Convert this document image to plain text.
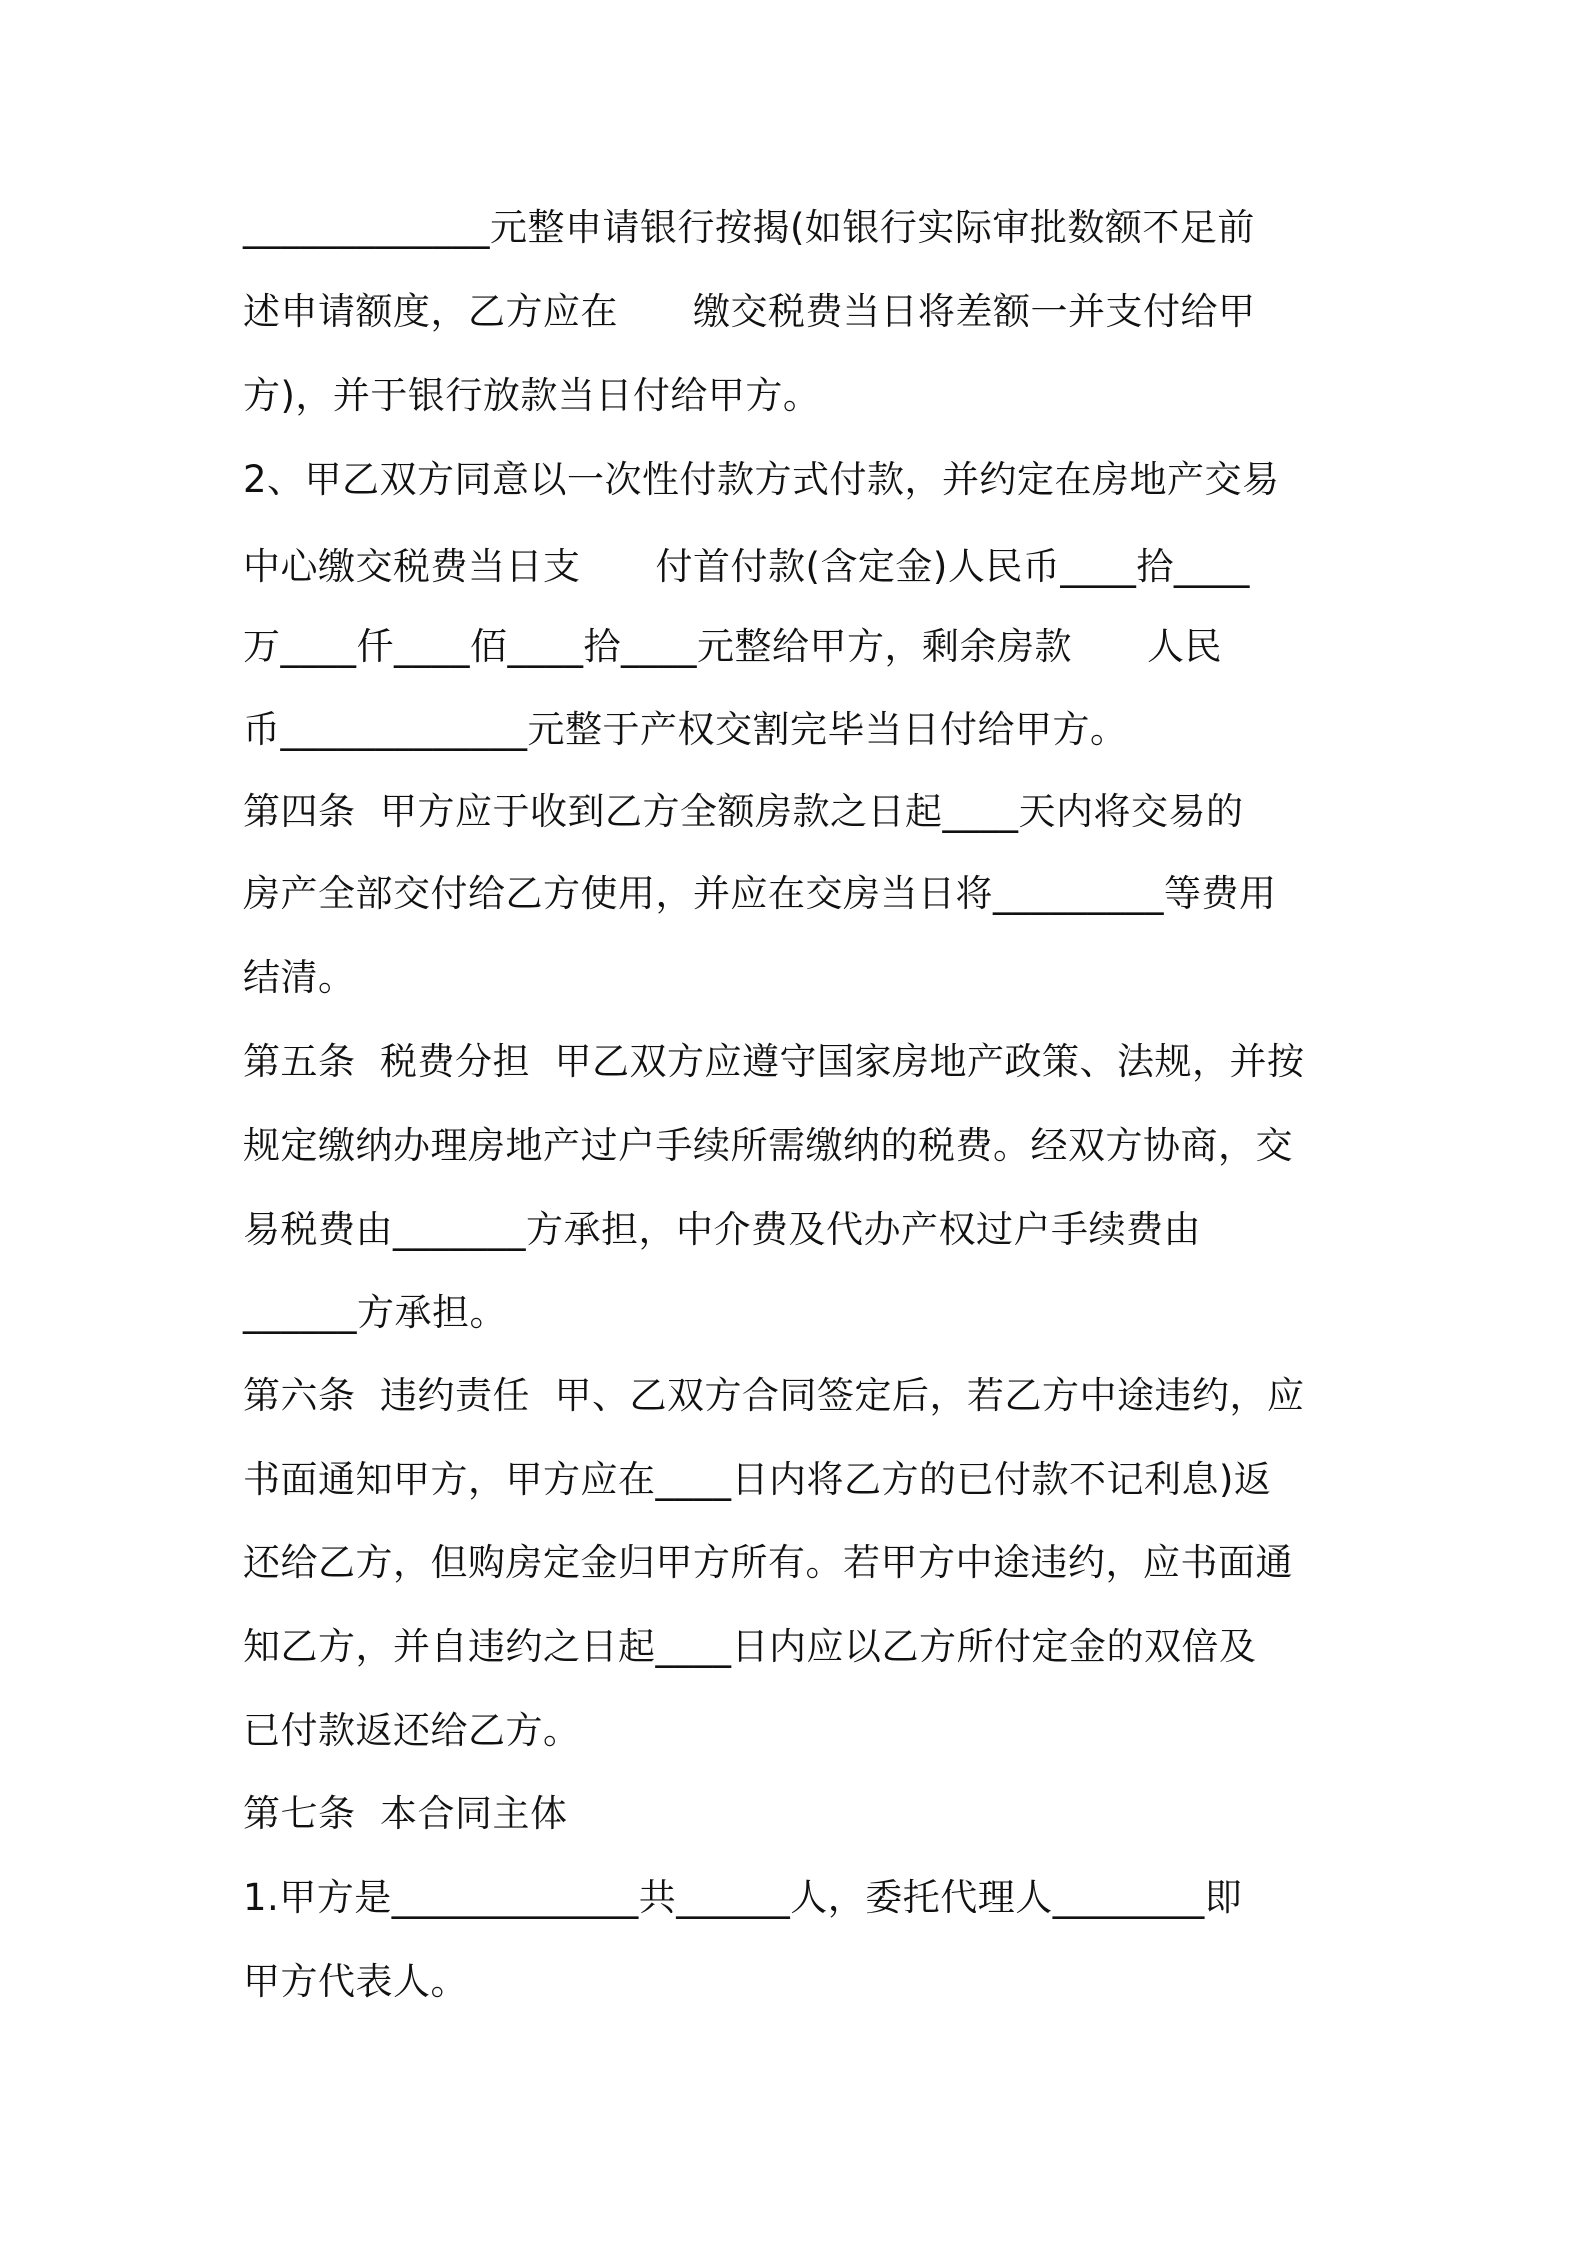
_____________元整申请银行按揭(如银行实际审批数额不足前
述申请额度，乙方应在　　缴交税费当日将差额一并支付给甲
方)，并于银行放款当日付给甲方。
2、甲乙双方同意以一次性付款方式付款，并约定在房地产交易
中心缴交税费当日支　　付首付款(含定金)人民币____拾____
万____仟____佰____拾____元整给甲方，剩余房款　　人民
币_____________元整于产权交割完毕当日付给甲方。
第四条  甲方应于收到乙方全额房款之日起____天内将交易的
房产全部交付给乙方使用，并应在交房当日将_________等费用
结清。
第五条  税费分担  甲乙双方应遵守国家房地产政策、法规，并按
规定缴纳办理房地产过户手续所需缴纳的税费。经双方协商，交
易税费由_______方承担，中介费及代办产权过户手续费由
______方承担。
第六条  违约责任  甲、乙双方合同签定后，若乙方中途违约，应
书面通知甲方，甲方应在____日内将乙方的已付款不记利息)返
还给乙方，但购房定金归甲方所有。若甲方中途违约，应书面通
知乙方，并自违约之日起____日内应以乙方所付定金的双倍及
已付款返还给乙方。
第七条  本合同主体
1.甲方是_____________共______人，委托代理人________即
甲方代表人。
